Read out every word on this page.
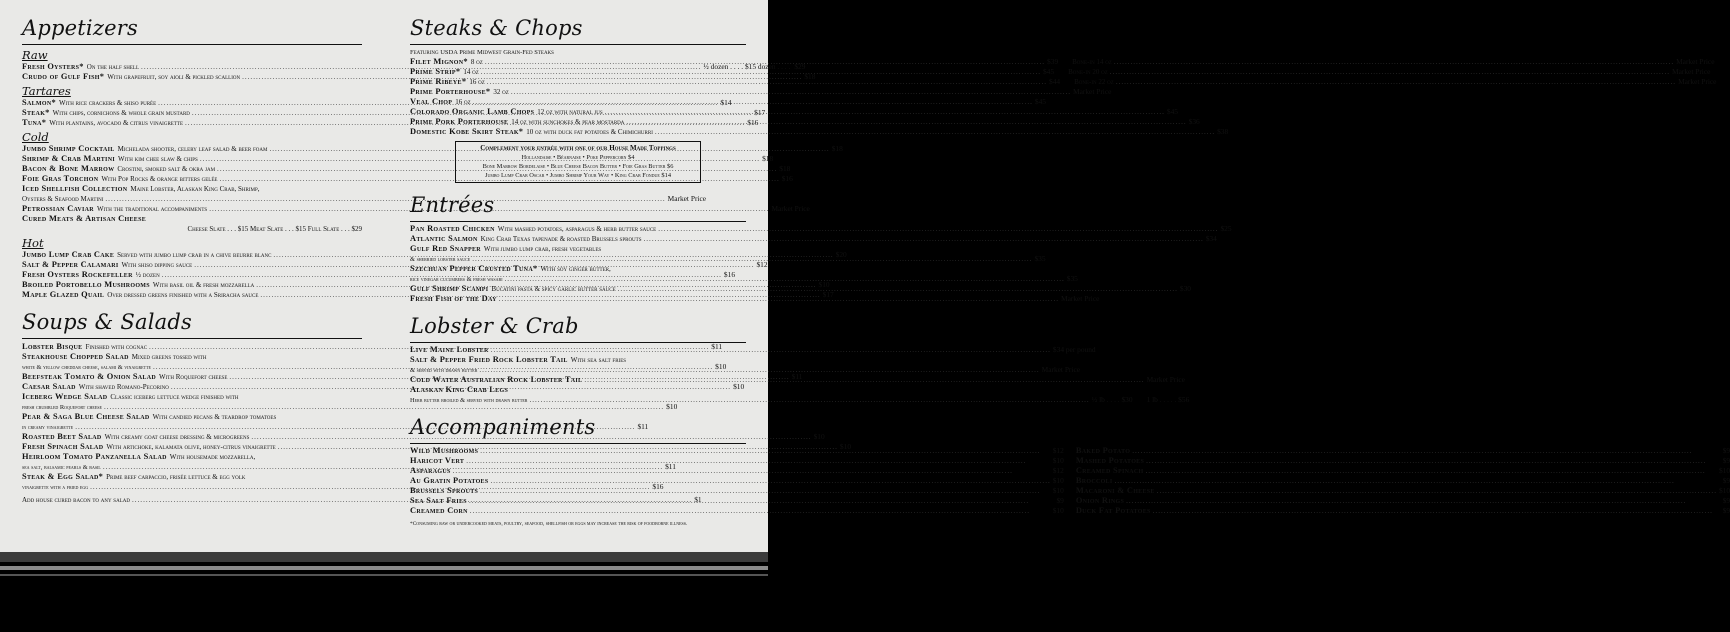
Appetizers
Raw
Fresh Oysters* On the half shell .....	½ dozen . . . . $15 dozen . . . . $29
Crudo of Gulf Fish* With grapefruit, soy aioli & pickled scallion .....	$18
Tartares
Salmon* With rice crackers & shiso purée .....	$14
Steak* With chips, cornichons & whole grain mustard .....	$17
Tuna* With plantains, avocado & citrus vinaigrette .....	$16
Cold
Jumbo Shrimp Cocktail Michelada shooter, celery leaf salad & beer foam .....	$18
Shrimp & Crab Martini With kim chee slaw & chips .....	$18
Bacon & Bone Marrow Crostini, smoked salt & okra jam .....	$18
Foie Gras Torchon With Pop Rocks & orange bitters gelée .....	$16
Iced Shellfish Collection Maine Lobster, Alaskan King Crab, Shrimp,
Oysters & Seafood Martini .....	Market Price
Petrossian Caviar With the traditional accompaniments .....	Market Price
Cured Meats & Artisan Cheese
Cheese Slate . . . $15 Meat Slate . . . $15 Full Slate . . . $29
Hot
Jumbo Lump Crab Cake Served with jumbo lump crab in a chive beurre blanc .....	$20
Salt & Pepper Calamari With shiso dipping sauce .....	$12
Fresh Oysters Rockefeller ½ dozen .....	$16
Broiled Portobello Mushrooms With basil oil & fresh mozzarella .....	$10
Maple Glazed Quail Over dressed greens finished with a Sriracha sauce .....	$17
Soups & Salads
Lobster Bisque Finished with cognac .....	$11
Steakhouse Chopped Salad Mixed greens tossed with
white & yellow cheddar cheese, salami & vinaigrette .....	$10
Beefsteak Tomato & Onion Salad With Roquefort cheese .....	$11
Caesar Salad With shaved Romano-Pecorino .....	$10
Iceberg Wedge Salad Classic iceberg lettuce wedge finished with
fresh crumbled Roquefort cheese .....	$10
Pear & Saga Blue Cheese Salad With candied pecans & teardrop tomatoes
in creamy vinaigrette .....	$11
Roasted Beet Salad With creamy goat cheese dressing & microgreens .....	$10
Fresh Spinach Salad With artichoke, kalamata olive, honey-citrus vinaigrette .....	$10
Heirloom Tomato Panzanella Salad With housemade mozzarella,
sea salt, balsamic pearls & basil .....	$11
Steak & Egg Salad* Prime beef carpaccio, frisée lettuce & egg yolk
vinaigrette with a fried egg .....	$16
Add house cured bacon to any salad .....	$1
Steaks & Chops
Featuring USDA Prime Midwest Grain-Fed Steaks
Filet Mignon* 8 oz .....	$39 Bone-in 14 oz .....	Market Price
Prime Strip* 14 oz .....	$45 Bone-in 20 oz .....	Market Price
Prime Ribeye* 16 oz .....	$44 Bone-in 22 oz .....	Market Price
Prime Porterhouse* 32 oz .....	Market Price
Veal Chop 16 oz .....	$45
Colorado Organic Lamb Chops 12 oz with natural jus .....	$45
Prime Pork Porterhouse 14 oz with sunchokes & pear mostarda .....	$36
Domestic Kobe Skirt Steak* 10 oz with duck fat potatoes & Chimichurri .....	$38
Complement your entrée with one of our House Made Toppings
Hollandaise • Béarnaise • Poke Peppercorn $4
Bone Marrow Bordelaise • Blue Cheese Bacon Butter • Foie Gras Butter $6
Jumbo Lump Crab Oscar • Jumbo Shrimp Your Way • King Crab Fondue $14
Entrées
Pan Roasted Chicken With mashed potatoes, asparagus & herb butter sauce .....	$25
Atlantic Salmon King Crab Texas tapenade & roasted Brussels sprouts .....	$34
Gulf Red Snapper With jumbo lump crab, fresh vegetables
& sherried lobster sauce .....	$35
Szechuan Pepper Crusted Tuna* With soy ginger butter,
rice vinegar cucumbers & fresh wasabi .....	$35
Gulf Shrimp Scampi Bucatini pasta & spicy garlic butter sauce .....	$30
Fresh Fish of the Day .....	Market Price
Lobster & Crab
Live Maine Lobster .....	$34 per pound
Salt & Pepper Fried Rock Lobster Tail With sea salt fries
& served with drawn butter .....	Market Price
Cold Water Australian Rock Lobster Tail .....	Market Price
Alaskan King Crab Legs
Herb butter broiled & served with drawn butter .....	½ lb . . . . $30 1 lb . . . . . $56
Accompaniments
Wild Mushrooms .....	$12
Haricot Vert .....	$10
Asparagus .....	$12
Au Gratin Potatoes .....	$10
Brussels Sprouts .....	$10
Sea Salt Fries .....	$9
Creamed Corn .....	$10
Baked Potato .....	$9
Mashed Potatoes .....	$9
Creamed Spinach .....	$10
Broccoli .....	$9
Macaroni & Cheese .....	$10
Onion Rings .....	$9
Duck Fat Potatoes .....	$9
*Consuming raw or undercooked meats, poultry, seafood, shellfish or eggs may increase the risk of foodborne illness.
